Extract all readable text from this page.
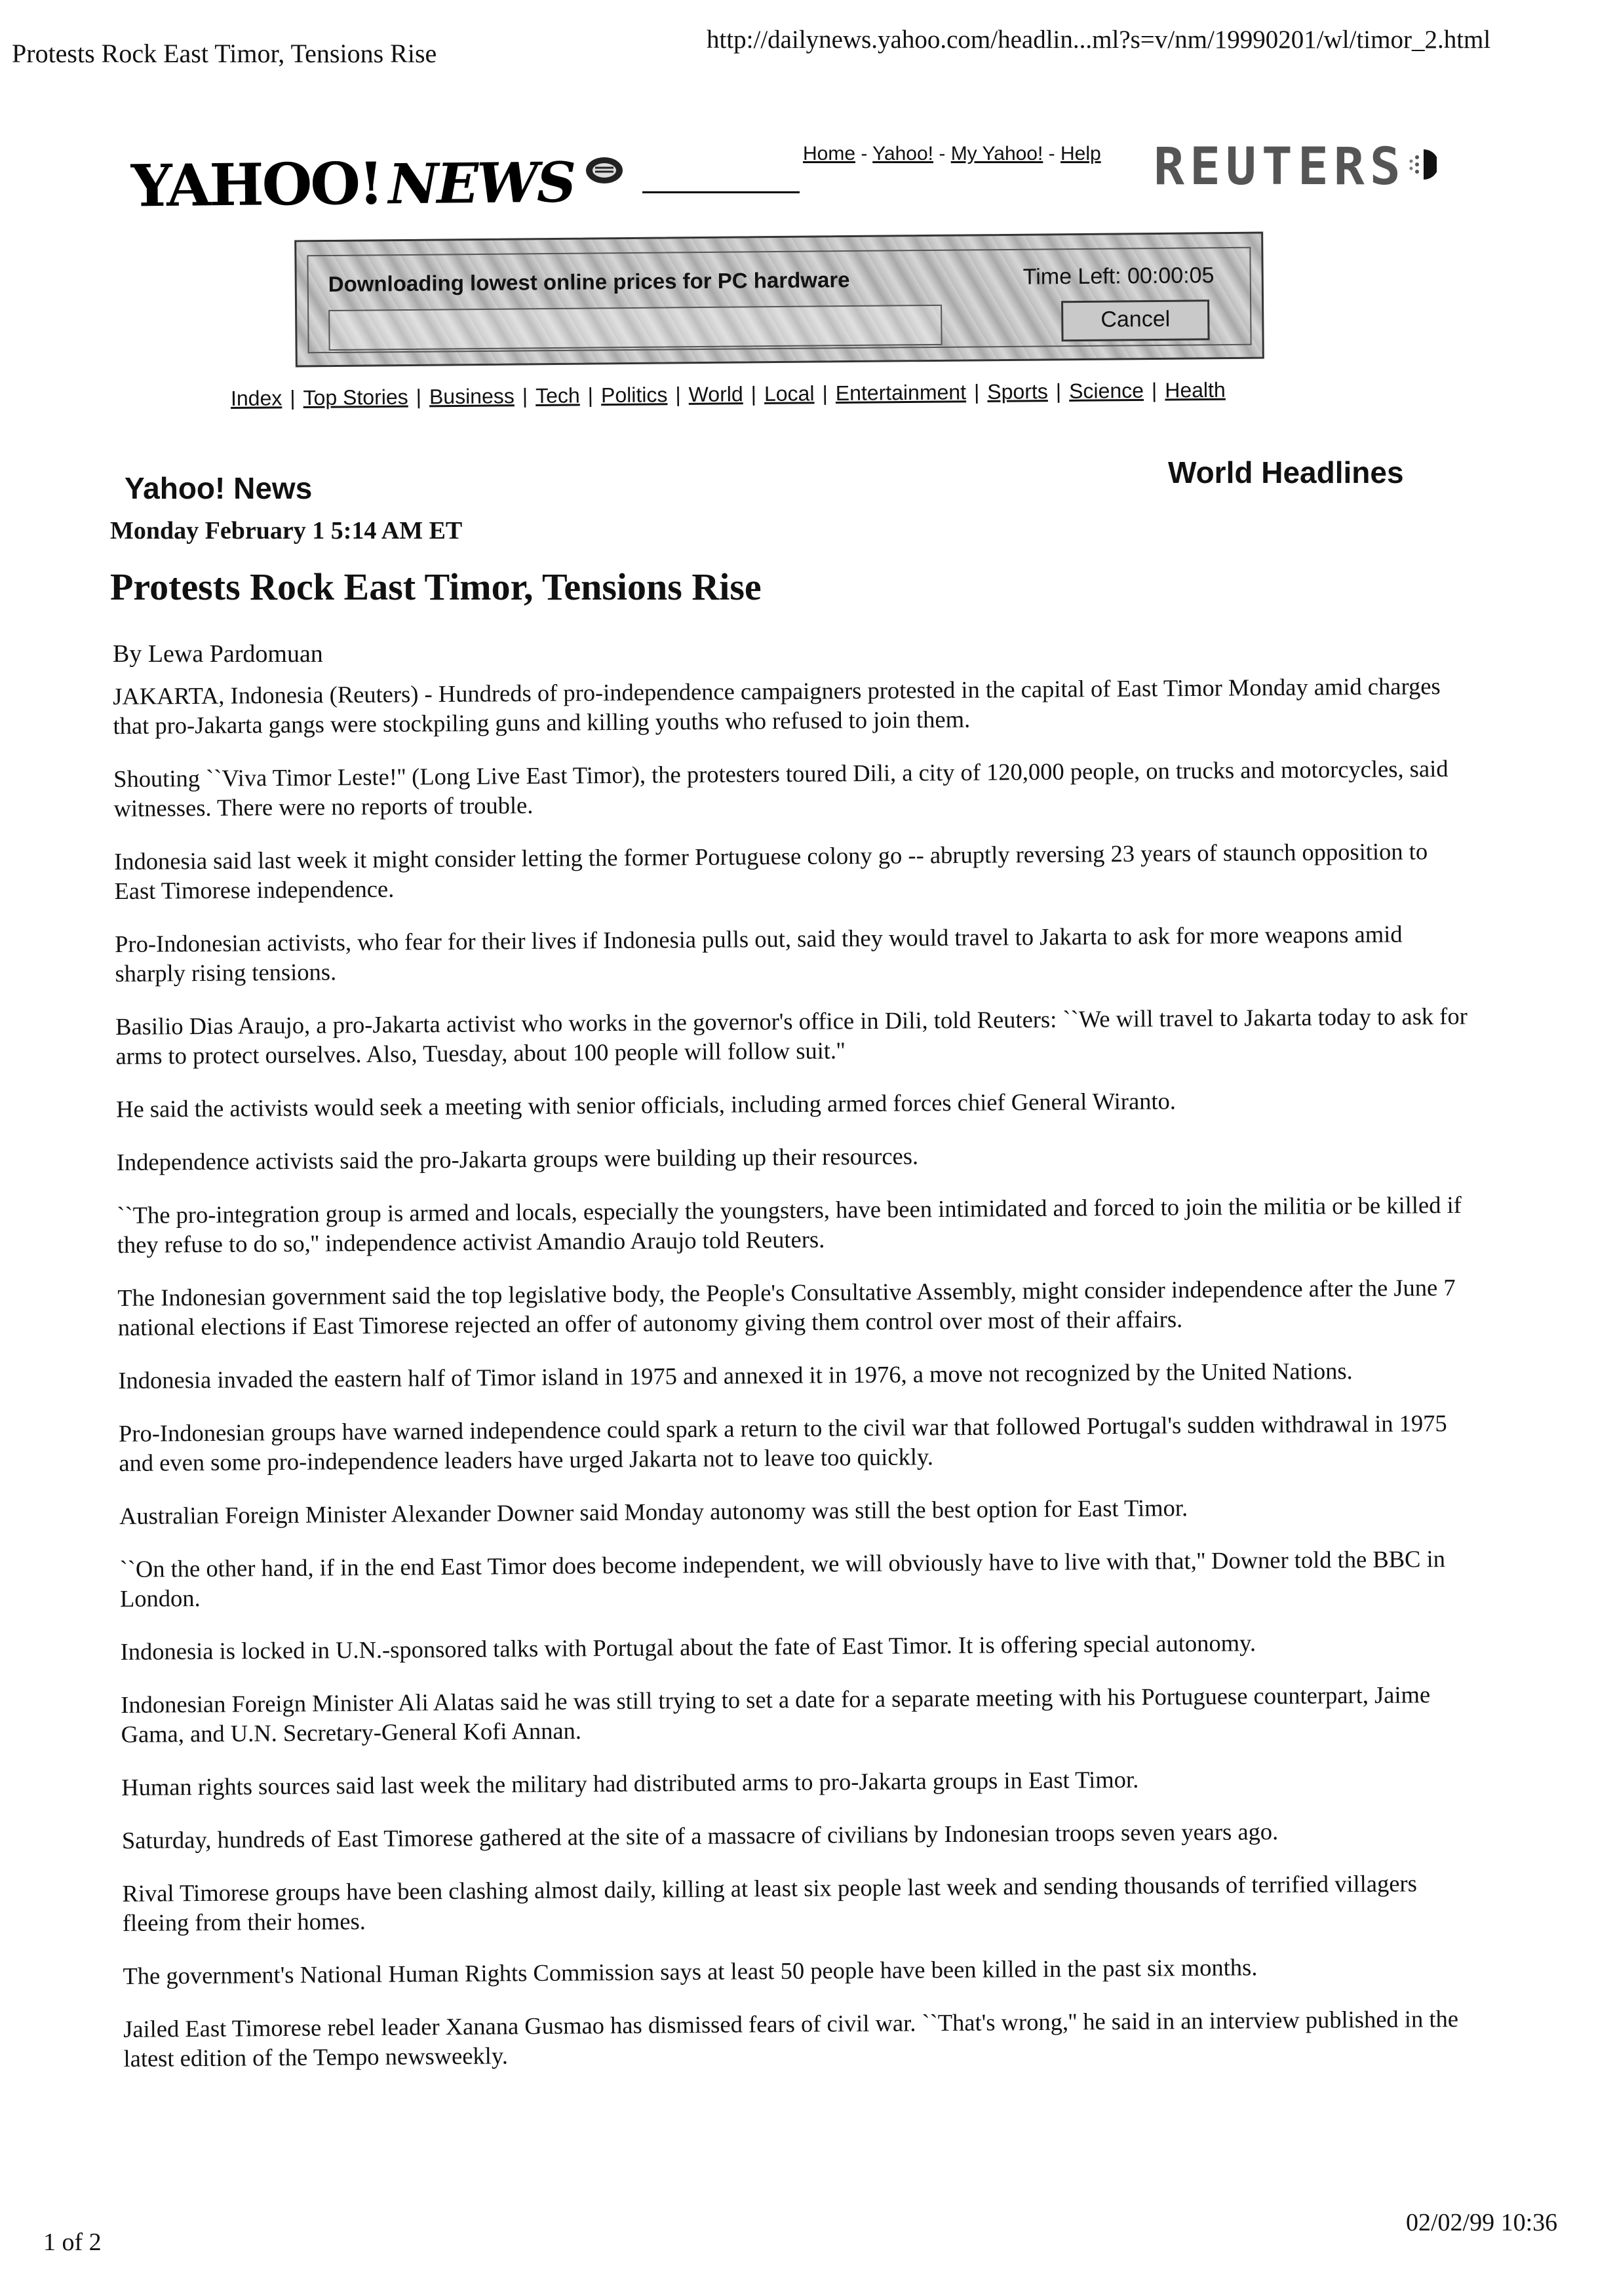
Protests Rock East Timor, Tensions Rise	http://dailynews.yahoo.com/headlin...ml?s=v/nm/19990201/wl/timor_2.html
YAHOO! NEWS	Home - Yahoo! - My Yahoo! - Help REUTERS
Downloading lowest online prices for PC hardware	Time Left: 00:00:05
Cancel
Index | Top Stories | Business | Tech | Politics | World | Local | Entertainment | Sports | Science | Health
Yahoo! News	World Headlines
Monday February 1 5:14 AM ET
Protests Rock East Timor, Tensions Rise
By Lewa Pardomuan

JAKARTA, Indonesia (Reuters) - Hundreds of pro-independence campaigners protested in the capital of East Timor Monday amid charges that pro-Jakarta gangs were stockpiling guns and killing youths who refused to join them.

Shouting ``Viva Timor Leste!'' (Long Live East Timor), the protesters toured Dili, a city of 120,000 people, on trucks and motorcycles, said witnesses. There were no reports of trouble.

Indonesia said last week it might consider letting the former Portuguese colony go -- abruptly reversing 23 years of staunch opposition to East Timorese independence.

Pro-Indonesian activists, who fear for their lives if Indonesia pulls out, said they would travel to Jakarta to ask for more weapons amid sharply rising tensions.

Basilio Dias Araujo, a pro-Jakarta activist who works in the governor's office in Dili, told Reuters: ``We will travel to Jakarta today to ask for arms to protect ourselves. Also, Tuesday, about 100 people will follow suit.''

He said the activists would seek a meeting with senior officials, including armed forces chief General Wiranto.

Independence activists said the pro-Jakarta groups were building up their resources.

``The pro-integration group is armed and locals, especially the youngsters, have been intimidated and forced to join the militia or be killed if they refuse to do so,'' independence activist Amandio Araujo told Reuters.

The Indonesian government said the top legislative body, the People's Consultative Assembly, might consider independence after the June 7 national elections if East Timorese rejected an offer of autonomy giving them control over most of their affairs.

Indonesia invaded the eastern half of Timor island in 1975 and annexed it in 1976, a move not recognized by the United Nations.

Pro-Indonesian groups have warned independence could spark a return to the civil war that followed Portugal's sudden withdrawal in 1975 and even some pro-independence leaders have urged Jakarta not to leave too quickly.

Australian Foreign Minister Alexander Downer said Monday autonomy was still the best option for East Timor.

``On the other hand, if in the end East Timor does become independent, we will obviously have to live with that,'' Downer told the BBC in London.

Indonesia is locked in U.N.-sponsored talks with Portugal about the fate of East Timor. It is offering special autonomy.

Indonesian Foreign Minister Ali Alatas said he was still trying to set a date for a separate meeting with his Portuguese counterpart, Jaime Gama, and U.N. Secretary-General Kofi Annan.

Human rights sources said last week the military had distributed arms to pro-Jakarta groups in East Timor.

Saturday, hundreds of East Timorese gathered at the site of a massacre of civilians by Indonesian troops seven years ago.

Rival Timorese groups have been clashing almost daily, killing at least six people last week and sending thousands of terrified villagers fleeing from their homes.

The government's National Human Rights Commission says at least 50 people have been killed in the past six months.

Jailed East Timorese rebel leader Xanana Gusmao has dismissed fears of civil war. ``That's wrong,'' he said in an interview published in the latest edition of the Tempo newsweekly.

1 of 2
02/02/99 10:36
